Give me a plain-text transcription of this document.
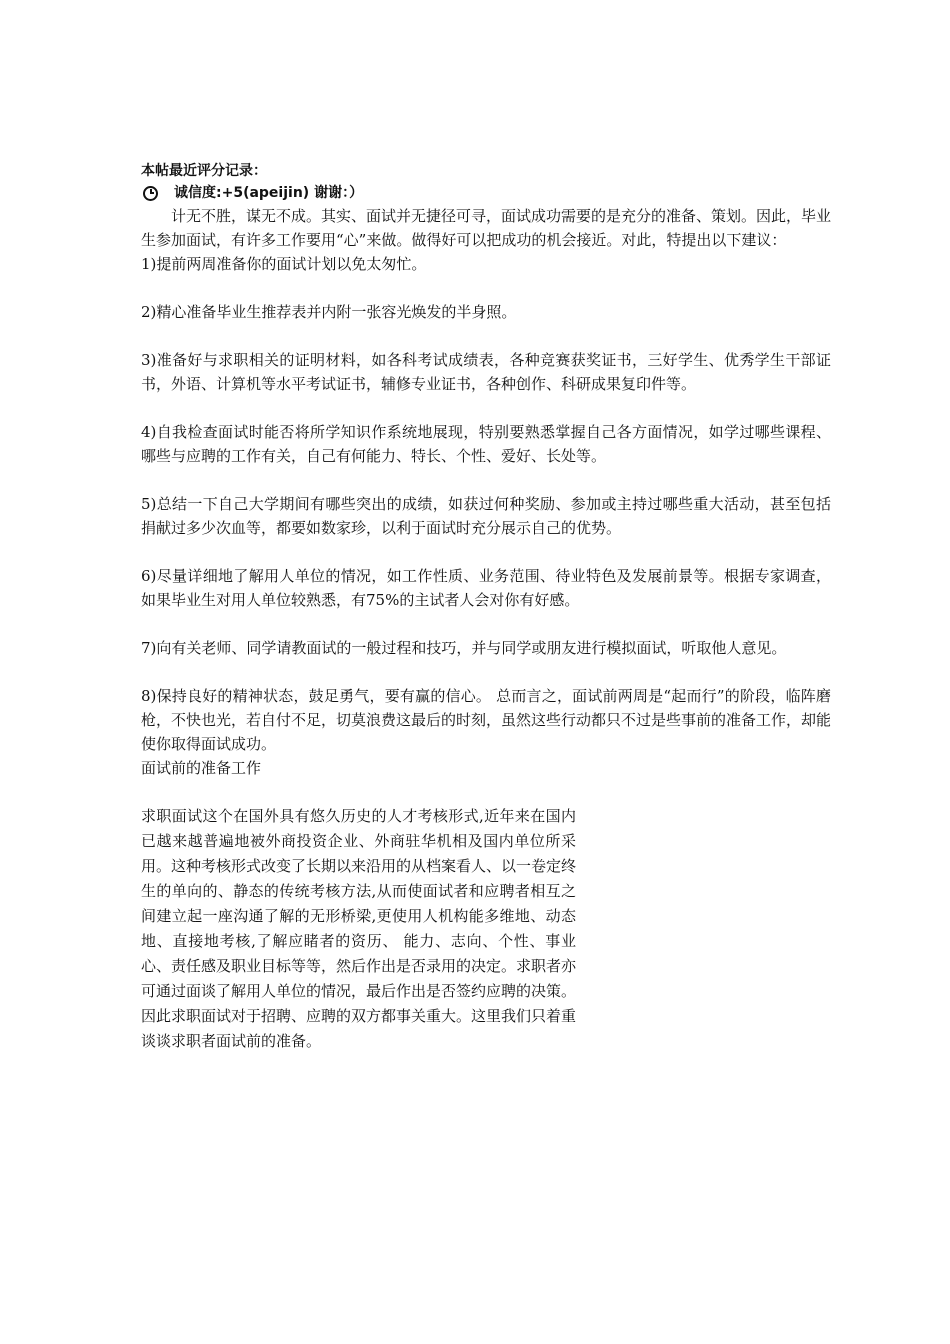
本帖最近评分记录：
诚信度:+5(apeijin) 谢谢：）

计无不胜，谋无不成。其实、面试并无捷径可寻，面试成功需要的是充分的准备、策划。因此，毕业生参加面试，有许多工作要用“心”来做。做得好可以把成功的机会接近。对此，特提出以下建议：

1)提前两周准备你的面试计划以免太匆忙。

2)精心准备毕业生推荐表并内附一张容光焕发的半身照。

3)准备好与求职相关的证明材料，如各科考试成绩表，各种竞赛获奖证书，三好学生、优秀学生干部证书，外语、计算机等水平考试证书，辅修专业证书，各种创作、科研成果复印件等。

4)自我检查面试时能否将所学知识作系统地展现，特别要熟悉掌握自己各方面情况，如学过哪些课程、哪些与应聘的工作有关，自己有何能力、特长、个性、爱好、长处等。

5)总结一下自己大学期间有哪些突出的成绩，如获过何种奖励、参加或主持过哪些重大活动，甚至包括捐献过多少次血等，都要如数家珍，以利于面试时充分展示自己的优势。

6)尽量详细地了解用人单位的情况，如工作性质、业务范围、待业特色及发展前景等。根据专家调查，如果毕业生对用人单位较熟悉，有75%的主试者人会对你有好感。

7)向有关老师、同学请教面试的一般过程和技巧，并与同学或朋友进行模拟面试，听取他人意见。

8)保持良好的精神状态，鼓足勇气，要有赢的信心。 总而言之，面试前两周是“起而行”的阶段，临阵磨枪，不快也光，若自付不足，切莫浪费这最后的时刻，虽然这些行动都只不过是些事前的准备工作，却能使你取得面试成功。

面试前的准备工作

求职面试这个在国外具有悠久历史的人才考核形式,近年来在国内已越来越普遍地被外商投资企业、外商驻华机相及国内单位所采用。这种考核形式改变了长期以来沿用的从档案看人、以一卷定终生的单向的、静态的传统考核方法,从而使面试者和应聘者相互之间建立起一座沟通了解的无形桥梁,更使用人机构能多维地、动态地、直接地考核,了解应睹者的资历、 能力、志向、个性、事业心、责任感及职业目标等等，然后作出是否录用的决定。求职者亦可通过面谈了解用人单位的情况，最后作出是否签约应聘的决策。因此求职面试对于招聘、应聘的双方都事关重大。这里我们只着重谈谈求职者面试前的准备。
